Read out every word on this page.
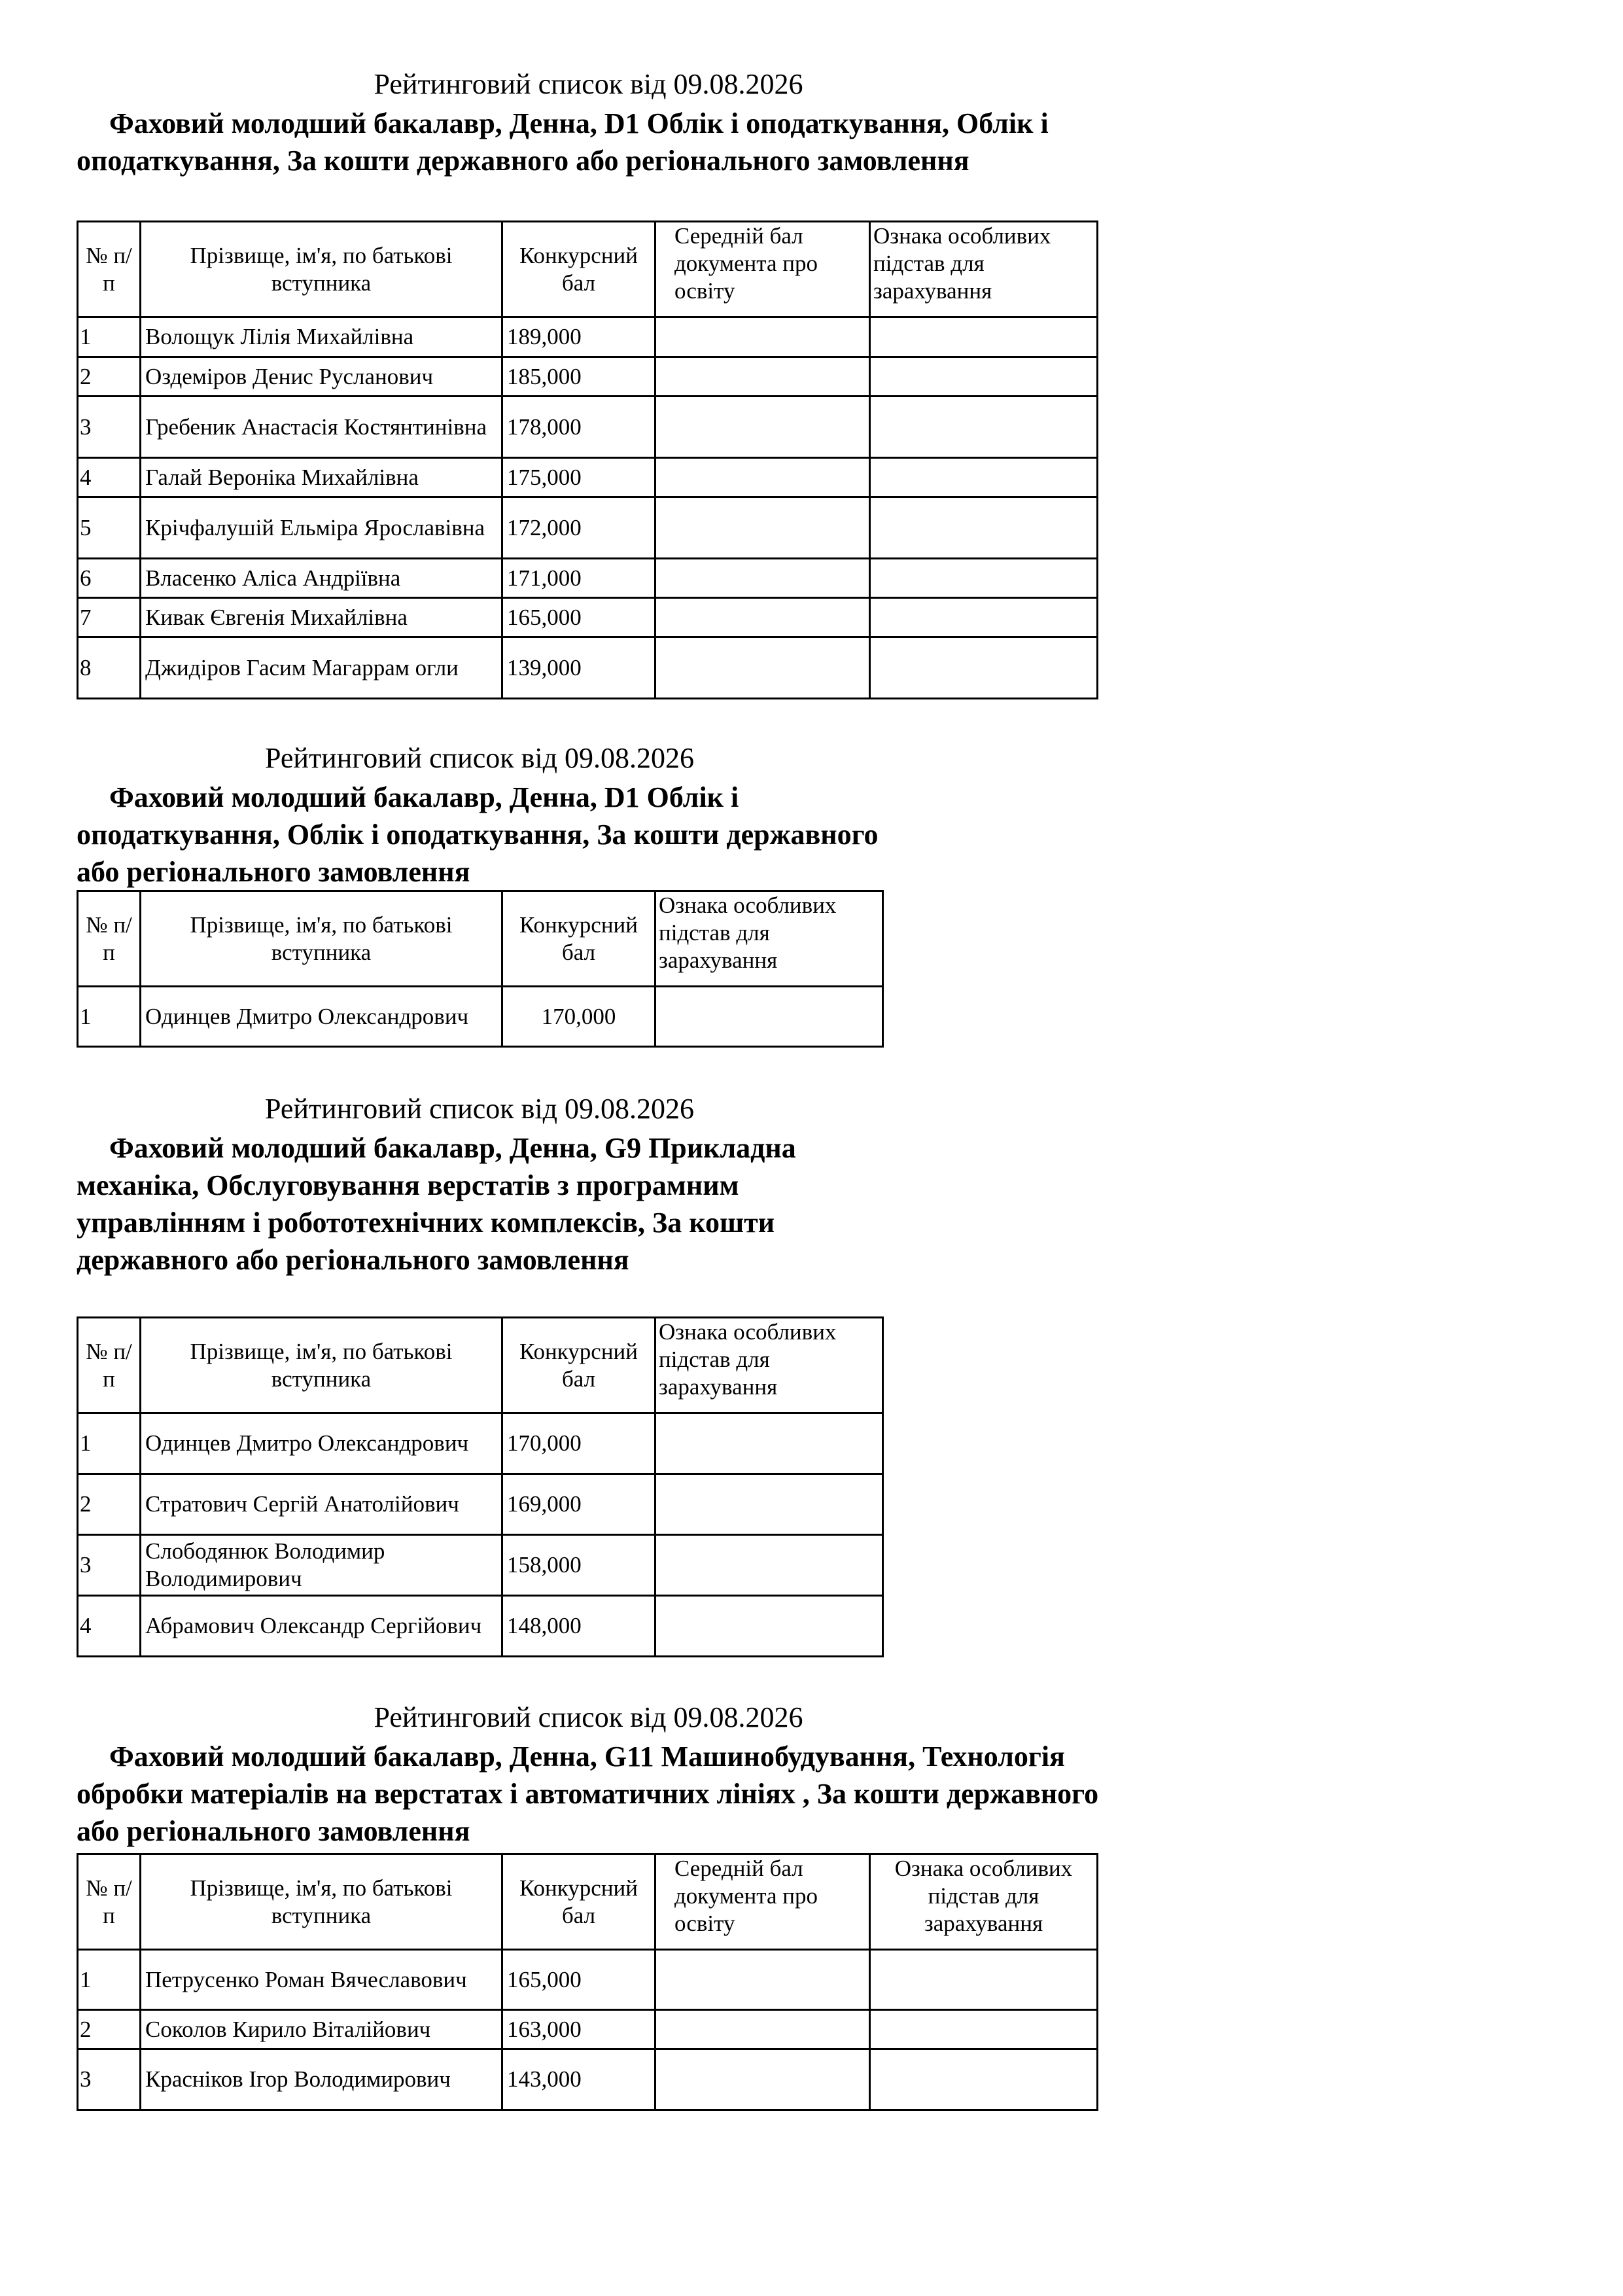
Рейтинговий список від 09.08.2026
Фаховий молодший бакалавр, Денна, D1 Облік і оподаткування, Облік і оподаткування, За кошти державного або регіонального замовлення
№ п/п	Прізвище, ім'я, по батькові вступника	Конкурсний бал	Середній бал документа про освіту	Ознака особливих підстав для зарахування
1	Волощук Лілія Михайлівна	189,000		
2	Оздеміров Денис Русланович	185,000		
3	Гребеник Анастасія Костянтинівна	178,000		
4	Галай Вероніка Михайлівна	175,000		
5	Крічфалушій Ельміра Ярославівна	172,000		
6	Власенко Аліса Андріївна	171,000		
7	Кивак Євгенія Михайлівна	165,000		
8	Джидіров Гасим Магаррам огли	139,000		
Рейтинговий список від 09.08.2026
Фаховий молодший бакалавр, Денна, D1 Облік і оподаткування, Облік і оподаткування, За кошти державного або регіонального замовлення
№ п/п	Прізвище, ім'я, по батькові вступника	Конкурсний бал	Ознака особливих підстав для зарахування
1	Одинцев Дмитро Олександрович	170,000	
Рейтинговий список від 09.08.2026
Фаховий молодший бакалавр, Денна, G9 Прикладна механіка, Обслуговування верстатів з програмним управлінням і робототехнічних комплексів, За кошти державного або регіонального замовлення
№ п/п	Прізвище, ім'я, по батькові вступника	Конкурсний бал	Ознака особливих підстав для зарахування
1	Одинцев Дмитро Олександрович	170,000	
2	Стратович Сергій Анатолійович	169,000	
3	Слободянюк Володимир Володимирович	158,000	
4	Абрамович Олександр Сергійович	148,000	
Рейтинговий список від 09.08.2026
Фаховий молодший бакалавр, Денна, G11 Машинобудування, Технологія обробки матеріалів на верстатах і автоматичних лініях , За кошти державного або регіонального замовлення
№ п/п	Прізвище, ім'я, по батькові вступника	Конкурсний бал	Середній бал документа про освіту	Ознака особливих підстав для зарахування
1	Петрусенко Роман Вячеславович	165,000		
2	Соколов Кирило Віталійович	163,000		
3	Красніков Ігор Володимирович	143,000		
